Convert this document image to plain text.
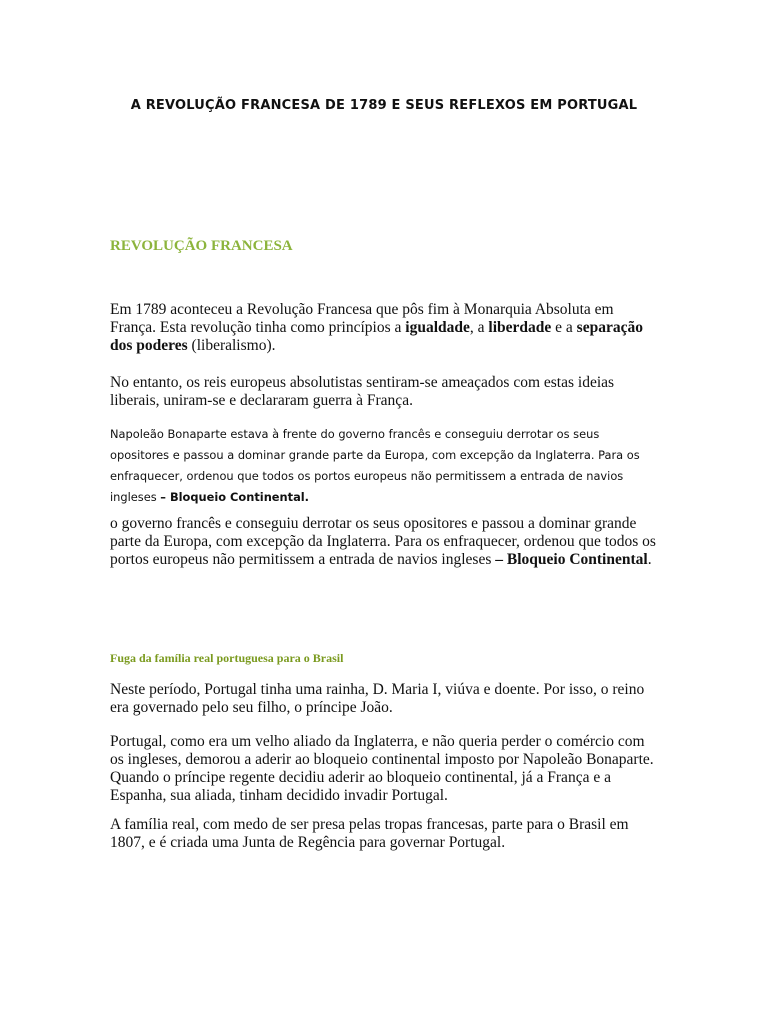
A REVOLUÇÃO FRANCESA DE 1789 E SEUS REFLEXOS EM PORTUGAL
REVOLUÇÃO FRANCESA

Em 1789 aconteceu a Revolução Francesa que pôs fim à Monarquia Absoluta em França. Esta revolução tinha como princípios a igualdade, a liberdade e a separação dos poderes (liberalismo).

No entanto, os reis europeus absolutistas sentiram-se ameaçados com estas ideias liberais, uniram-se e declararam guerra à França.

Napoleão Bonaparte estava à frente do governo francês e conseguiu derrotar os seus opositores e passou a dominar grande parte da Europa, com excepção da Inglaterra. Para os enfraquecer, ordenou que todos os portos europeus não permitissem a entrada de navios ingleses – Bloqueio Continental.

o governo francês e conseguiu derrotar os seus opositores e passou a dominar grande parte da Europa, com excepção da Inglaterra. Para os enfraquecer, ordenou que todos os portos europeus não permitissem a entrada de navios ingleses – Bloqueio Continental.

Fuga da família real portuguesa para o Brasil

Neste período, Portugal tinha uma rainha, D. Maria I, viúva e doente. Por isso, o reino era governado pelo seu filho, o príncipe João.

Portugal, como era um velho aliado da Inglaterra, e não queria perder o comércio com os ingleses, demorou a aderir ao bloqueio continental imposto por Napoleão Bonaparte. Quando o príncipe regente decidiu aderir ao bloqueio continental, já a França e a Espanha, sua aliada, tinham decidido invadir Portugal.

A família real, com medo de ser presa pelas tropas francesas, parte para o Brasil em 1807, e é criada uma Junta de Regência para governar Portugal.
